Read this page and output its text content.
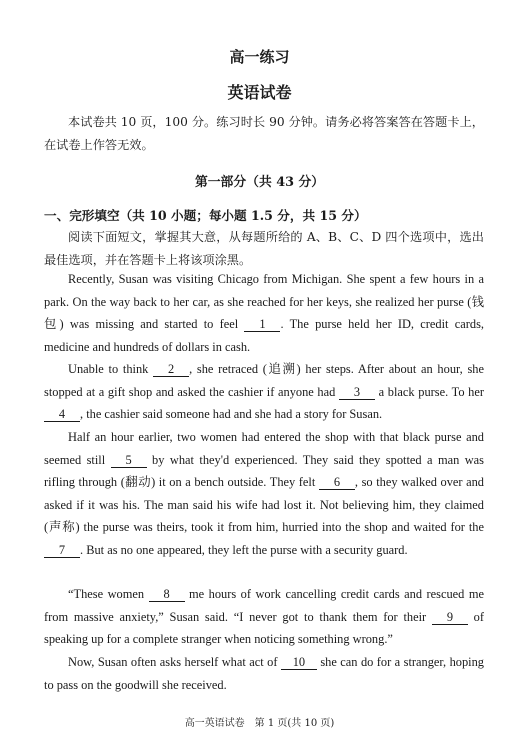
高一练习
英语试卷
本试卷共 10 页，100 分。练习时长 90 分钟。请务必将答案答在答题卡上，在试卷上作答无效。
第一部分（共 43 分）
一、完形填空（共 10 小题；每小题 1.5 分，共 15 分）
阅读下面短文，掌握其大意，从每题所给的 A、B、C、D 四个选项中，选出最佳选项，并在答题卡上将该项涂黑。
Recently, Susan was visiting Chicago from Michigan. She spent a few hours in a park. On the way back to her car, as she reached for her keys, she realized her purse (钱包) was missing and started to feel 1 . The purse held her ID, credit cards, medicine and hundreds of dollars in cash.
Unable to think 2 , she retraced (追溯) her steps. After about an hour, she stopped at a gift shop and asked the cashier if anyone had 3 a black purse. To her 4 , the cashier said someone had and she had a story for Susan.
Half an hour earlier, two women had entered the shop with that black purse and seemed still 5 by what they'd experienced. They said they spotted a man was rifling through (翻动) it on a bench outside. They felt 6 , so they walked over and asked if it was his. The man said his wife had lost it. Not believing him, they claimed (声称) the purse was theirs, took it from him, hurried into the shop and waited for the 7 . But as no one appeared, they left the purse with a security guard.
“These women 8 me hours of work cancelling credit cards and rescued me from massive anxiety,” Susan said. “I never got to thank them for their 9 of speaking up for a complete stranger when noticing something wrong.”
Now, Susan often asks herself what act of 10 she can do for a stranger, hoping to pass on the goodwill she received.
高一英语试卷　第 1 页(共 10 页)
